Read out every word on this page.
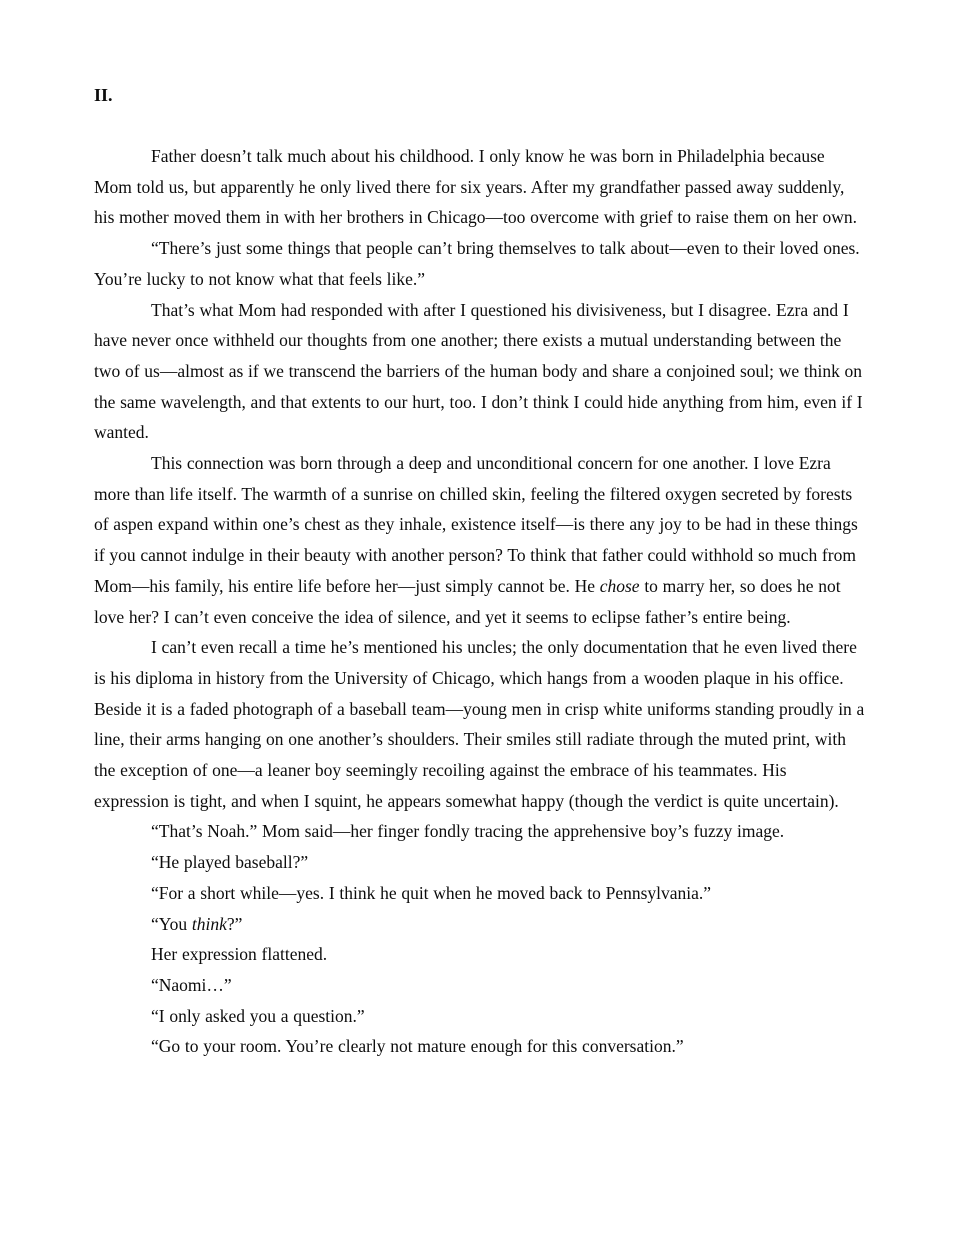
II.

Father doesn’t talk much about his childhood. I only know he was born in Philadelphia because Mom told us, but apparently he only lived there for six years. After my grandfather passed away suddenly, his mother moved them in with her brothers in Chicago—too overcome with grief to raise them on her own.

“There’s just some things that people can’t bring themselves to talk about—even to their loved ones. You’re lucky to not know what that feels like.”

That’s what Mom had responded with after I questioned his divisiveness, but I disagree. Ezra and I have never once withheld our thoughts from one another; there exists a mutual understanding between the two of us—almost as if we transcend the barriers of the human body and share a conjoined soul; we think on the same wavelength, and that extents to our hurt, too. I don’t think I could hide anything from him, even if I wanted.

This connection was born through a deep and unconditional concern for one another. I love Ezra more than life itself. The warmth of a sunrise on chilled skin, feeling the filtered oxygen secreted by forests of aspen expand within one’s chest as they inhale, existence itself—is there any joy to be had in these things if you cannot indulge in their beauty with another person? To think that father could withhold so much from Mom—his family, his entire life before her—just simply cannot be. He chose to marry her, so does he not love her? I can’t even conceive the idea of silence, and yet it seems to eclipse father’s entire being.

I can’t even recall a time he’s mentioned his uncles; the only documentation that he even lived there is his diploma in history from the University of Chicago, which hangs from a wooden plaque in his office. Beside it is a faded photograph of a baseball team—young men in crisp white uniforms standing proudly in a line, their arms hanging on one another’s shoulders. Their smiles still radiate through the muted print, with the exception of one—a leaner boy seemingly recoiling against the embrace of his teammates. His expression is tight, and when I squint, he appears somewhat happy (though the verdict is quite uncertain).

“That’s Noah.” Mom said—her finger fondly tracing the apprehensive boy’s fuzzy image.

“He played baseball?”

“For a short while—yes. I think he quit when he moved back to Pennsylvania.”

“You think?”

Her expression flattened.

“Naomi…”

“I only asked you a question.”

“Go to your room. You’re clearly not mature enough for this conversation.”
